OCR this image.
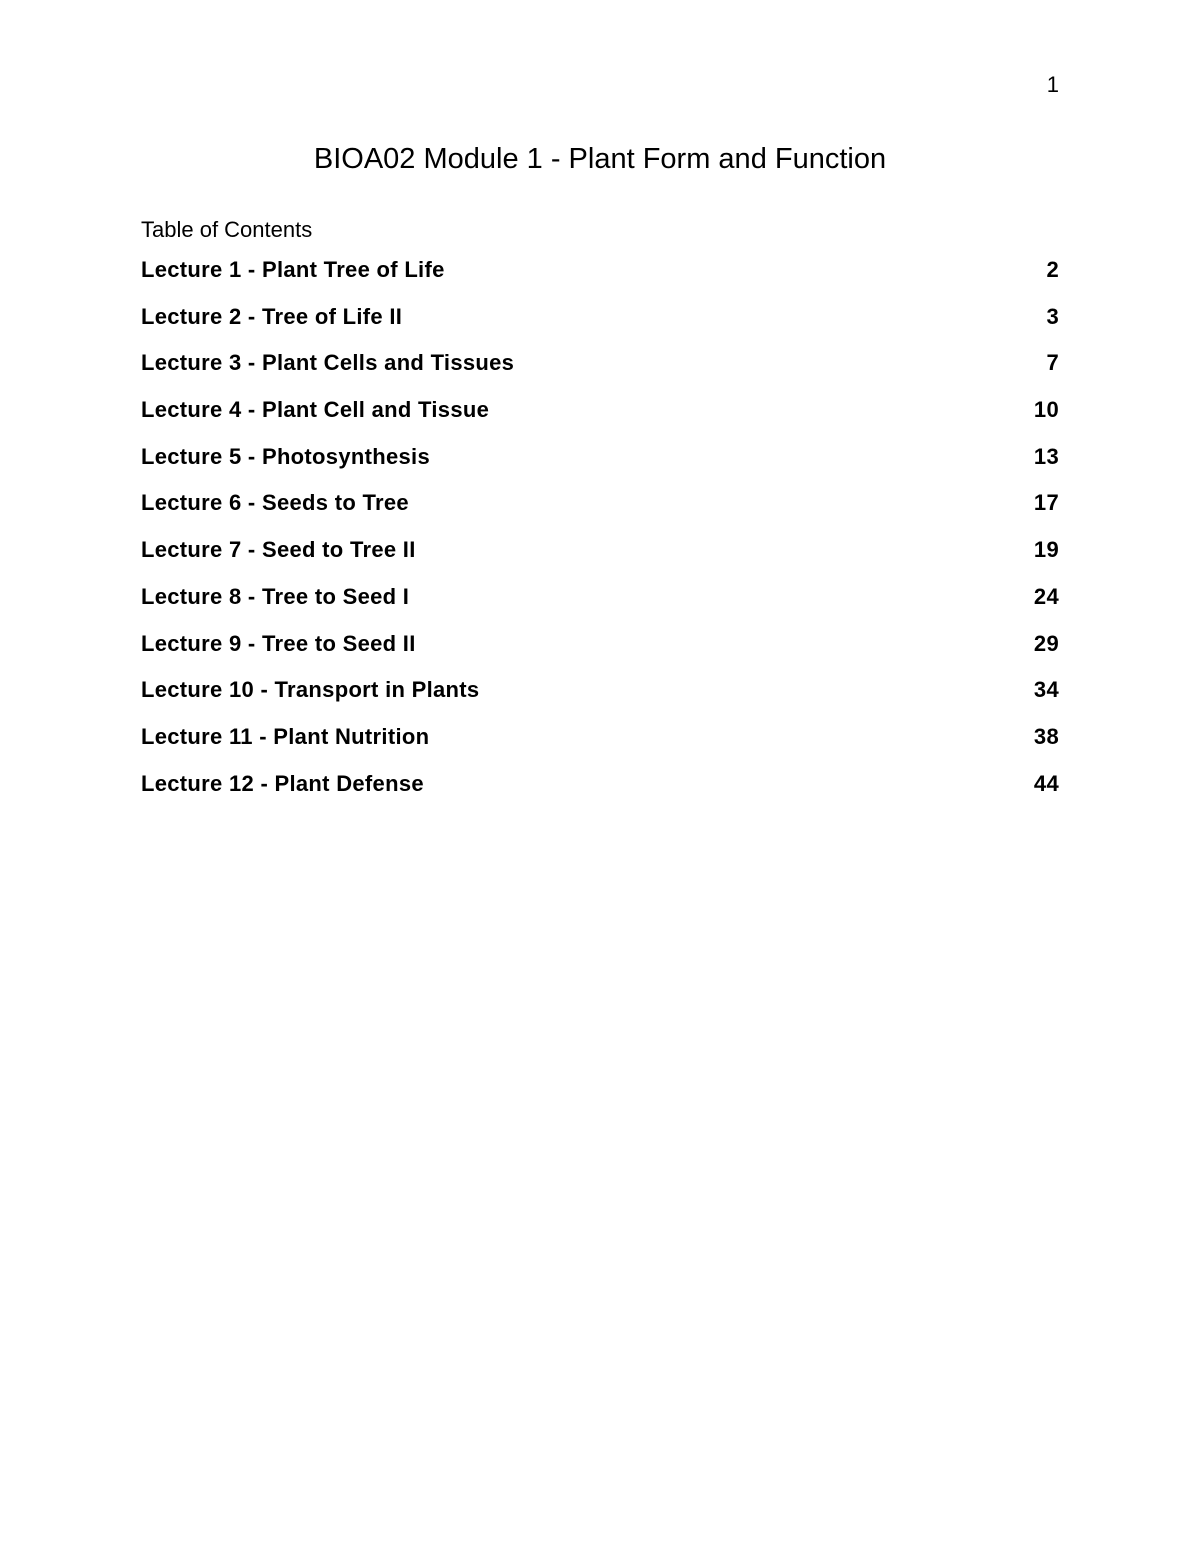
1
BIOA02 Module 1 - Plant Form and Function
Table of Contents
Lecture 1 - Plant Tree of Life	2
Lecture 2 - Tree of Life II	3
Lecture 3 - Plant Cells and Tissues	7
Lecture 4 - Plant Cell and Tissue	10
Lecture 5 - Photosynthesis	13
Lecture 6 - Seeds to Tree	17
Lecture 7 - Seed to Tree II	19
Lecture 8 - Tree to Seed I	24
Lecture 9 - Tree to Seed II	29
Lecture 10 - Transport in Plants	34
Lecture 11 - Plant Nutrition	38
Lecture 12 - Plant Defense	44
